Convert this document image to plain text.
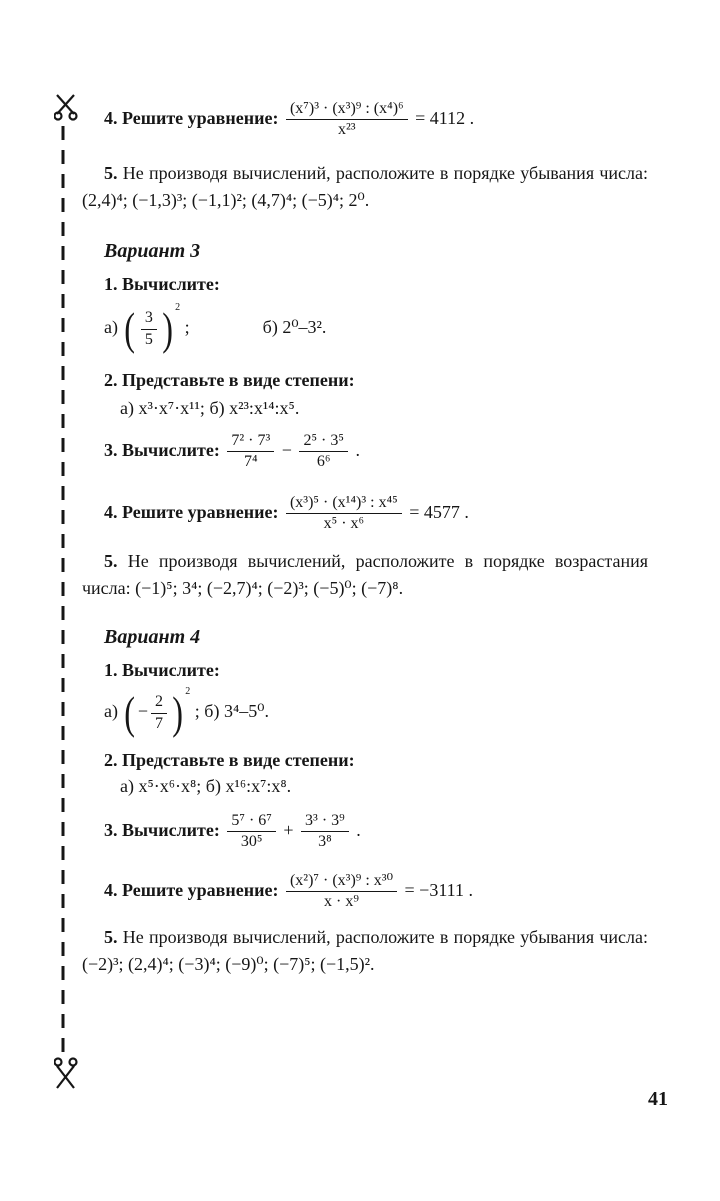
4. Решите уравнение: $\frac{\text{(x⁷)³ · (x³)⁹ : (x⁴)⁶}}{\text{x²³}} = 4112$ .
5. Не производя вычислений, расположите в порядке убывания числа: (2,4)⁴; (−1,3)³; (−1,1)²; (4,7)⁴; (−5)⁴; 2⁰.
Вариант 3
1. Вычислите:
а) ( $\frac{3}{5}$ ) $^2$ ;	б) 2⁰–3².
2. Представьте в виде степени:
а) x³·x⁷·x¹¹; б) x²³:x¹⁴:x⁵.
3. Вычислите: $\frac{\text{7² · 7³}}{\text{7⁴}} - \frac{\text{2⁵ · 3⁵}}{\text{6⁶}}$ .
4. Решите уравнение: $\frac{\text{(x³)⁵ · (x¹⁴)³ : x⁴⁵}}{\text{x⁵ · x⁶}} = 4577$ .
5. Не производя вычислений, расположите в порядке возрастания числа: (−1)⁵; 3⁴; (−2,7)⁴; (−2)³; (−5)⁰; (−7)⁸.
Вариант 4
1. Вычислите:
а) ( − $\frac{2}{7}$ ) $^2$ ; б) 3⁴–5⁰.
2. Представьте в виде степени:
а) x⁵·x⁶·x⁸; б) x¹⁶:x⁷:x⁸.
3. Вычислите: $\frac{\text{5⁷ · 6⁷}}{\text{30⁵}} + \frac{\text{3³ · 3⁹}}{\text{3⁸}}$ .
4. Решите уравнение: $\frac{\text{(x²)⁷ · (x³)⁹ : x³⁰}}{\text{x · x⁹}} = -3111$ .
5. Не производя вычислений, расположите в порядке убывания числа: (−2)³; (2,4)⁴; (−3)⁴; (−9)⁰; (−7)⁵; (−1,5)².
41
